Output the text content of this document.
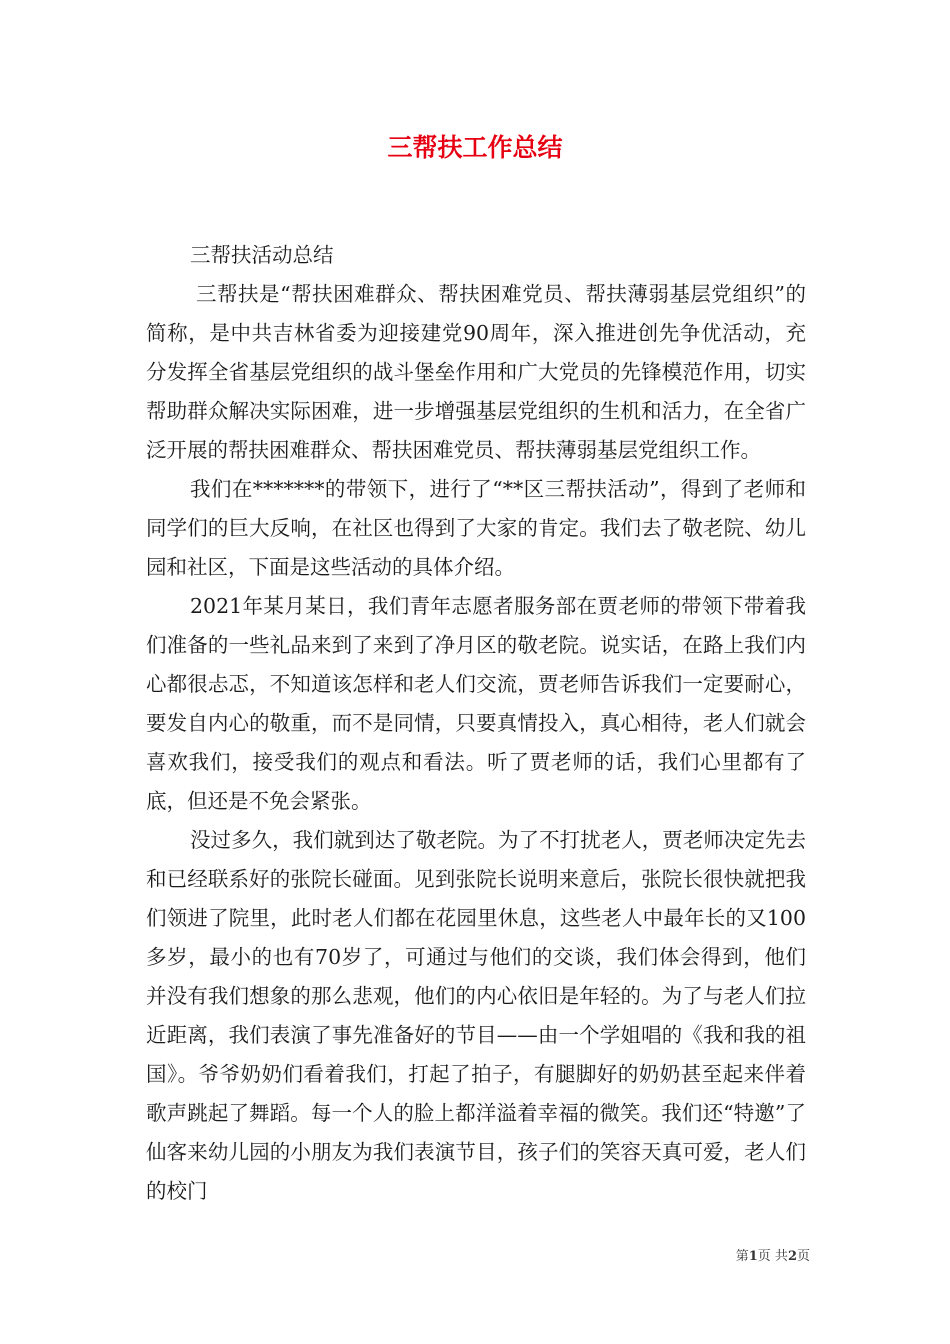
三帮扶工作总结

三帮扶活动总结

三帮扶是“帮扶困难群众、帮扶困难党员、帮扶薄弱基层党组织”的简称，是中共吉林省委为迎接建党90周年，深入推进创先争优活动，充分发挥全省基层党组织的战斗堡垒作用和广大党员的先锋模范作用，切实帮助群众解决实际困难，进一步增强基层党组织的生机和活力，在全省广泛开展的帮扶困难群众、帮扶困难党员、帮扶薄弱基层党组织工作。

我们在*******的带领下，进行了“**区三帮扶活动”，得到了老师和同学们的巨大反响，在社区也得到了大家的肯定。我们去了敬老院、幼儿园和社区，下面是这些活动的具体介绍。

2021年某月某日，我们青年志愿者服务部在贾老师的带领下带着我们准备的一些礼品来到了来到了净月区的敬老院。说实话，在路上我们内心都很忐忑，不知道该怎样和老人们交流，贾老师告诉我们一定要耐心，要发自内心的敬重，而不是同情，只要真情投入，真心相待，老人们就会喜欢我们，接受我们的观点和看法。听了贾老师的话，我们心里都有了底，但还是不免会紧张。

没过多久，我们就到达了敬老院。为了不打扰老人，贾老师决定先去和已经联系好的张院长碰面。见到张院长说明来意后，张院长很快就把我们领进了院里，此时老人们都在花园里休息，这些老人中最年长的又100多岁，最小的也有70岁了，可通过与他们的交谈，我们体会得到，他们并没有我们想象的那么悲观，他们的内心依旧是年轻的。为了与老人们拉近距离，我们表演了事先准备好的节目——由一个学姐唱的《我和我的祖国》。爷爷奶奶们看着我们，打起了拍子，有腿脚好的奶奶甚至起来伴着歌声跳起了舞蹈。每一个人的脸上都洋溢着幸福的微笑。我们还“特邀”了仙客来幼儿园的小朋友为我们表演节目，孩子们的笑容天真可爱，老人们的校门

第1页 共2页
